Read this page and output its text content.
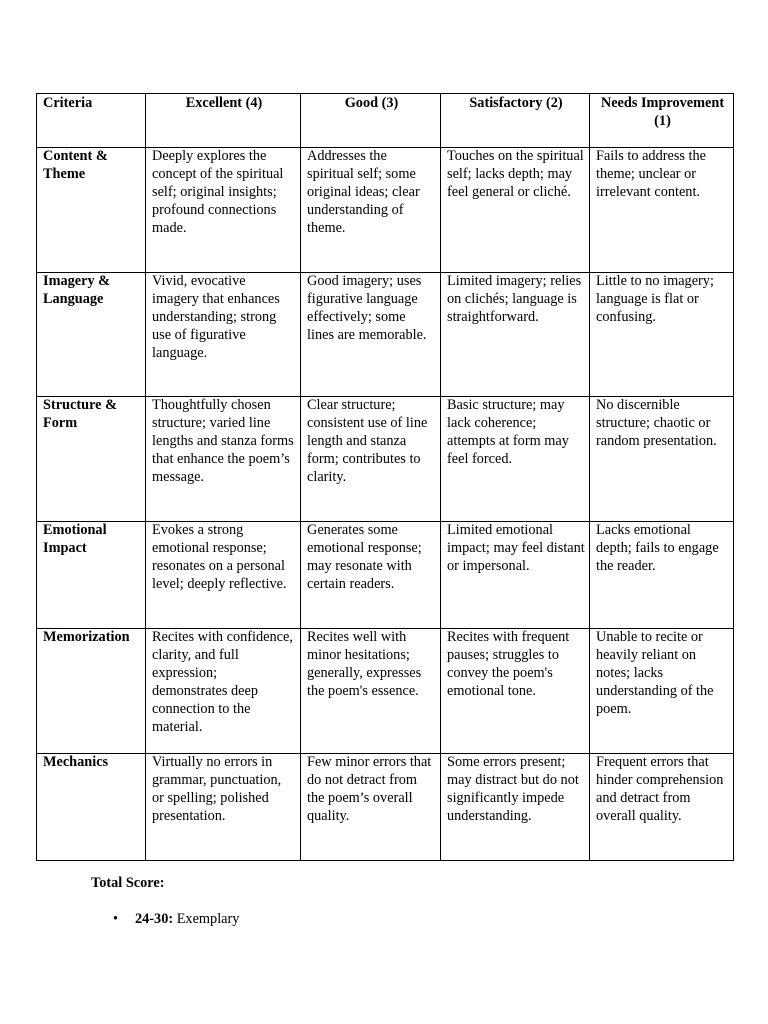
Criteria	Excellent (4)	Good (3)	Satisfactory (2)	Needs Improvement (1)
Content & Theme	Deeply explores the concept of the spiritual self; original insights; profound connections made.	Addresses the spiritual self; some original ideas; clear understanding of theme.	Touches on the spiritual self; lacks depth; may feel general or cliché.	Fails to address the theme; unclear or irrelevant content.
Imagery & Language	Vivid, evocative imagery that enhances understanding; strong use of figurative language.	Good imagery; uses figurative language effectively; some lines are memorable.	Limited imagery; relies on clichés; language is straightforward.	Little to no imagery; language is flat or confusing.
Structure & Form	Thoughtfully chosen structure; varied line lengths and stanza forms that enhance the poem’s message.	Clear structure; consistent use of line length and stanza form; contributes to clarity.	Basic structure; may lack coherence; attempts at form may feel forced.	No discernible structure; chaotic or random presentation.
Emotional Impact	Evokes a strong emotional response; resonates on a personal level; deeply reflective.	Generates some emotional response; may resonate with certain readers.	Limited emotional impact; may feel distant or impersonal.	Lacks emotional depth; fails to engage the reader.
Memorization	Recites with confidence, clarity, and full expression; demonstrates deep connection to the material.	Recites well with minor hesitations; generally, expresses the poem's essence.	Recites with frequent pauses; struggles to convey the poem's emotional tone.	Unable to recite or heavily reliant on notes; lacks understanding of the poem.
Mechanics	Virtually no errors in grammar, punctuation, or spelling; polished presentation.	Few minor errors that do not detract from the poem’s overall quality.	Some errors present; may distract but do not significantly impede understanding.	Frequent errors that hinder comprehension and detract from overall quality.
Total Score:
• 24-30: Exemplary
